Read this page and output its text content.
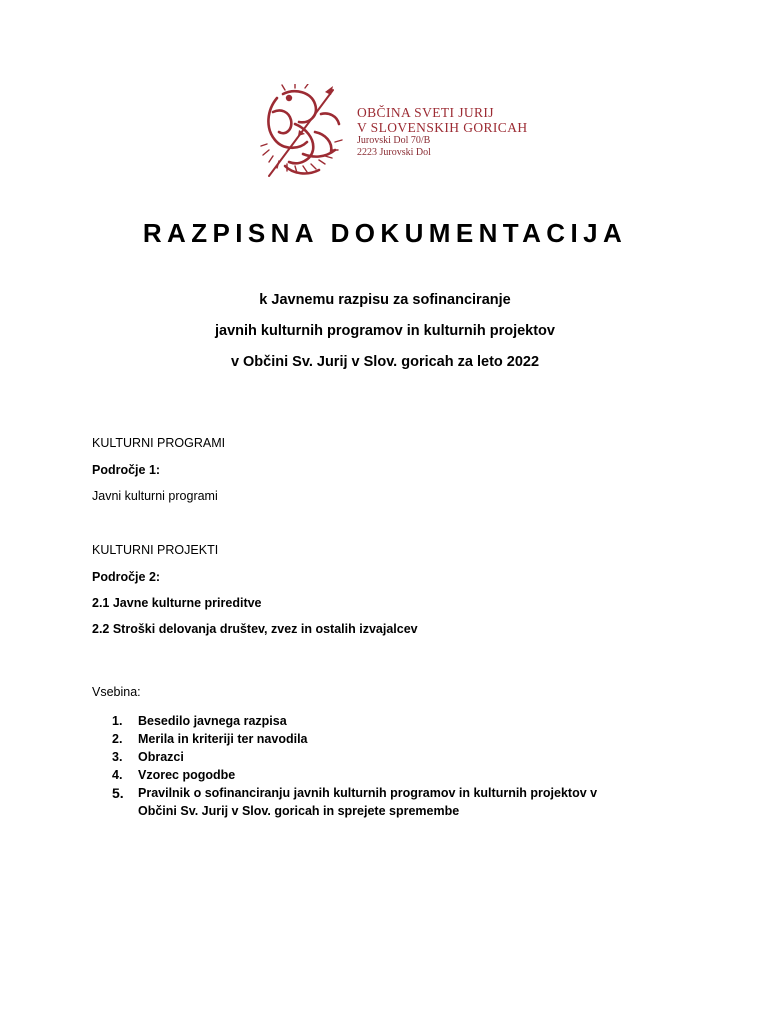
OBČINA SVETI JURIJ
V SLOVENSKIH GORICAH
Jurovski Dol 70/B
2223 Jurovski Dol
RAZPISNA DOKUMENTACIJA
k Javnemu razpisu za sofinanciranje
javnih kulturnih programov in kulturnih projektov
v Občini Sv. Jurij v Slov. goricah za leto 2022
KULTURNI PROGRAMI
Področje 1:
Javni kulturni programi
KULTURNI PROJEKTI
Področje 2:
2.1 Javne kulturne prireditve
2.2 Stroški delovanja društev, zvez in ostalih izvajalcev
Vsebina:
1. Besedilo javnega razpisa
2. Merila in kriteriji ter navodila
3. Obrazci
4. Vzorec pogodbe
5. Pravilnik o sofinanciranju javnih kulturnih programov in kulturnih projektov v
Občini Sv. Jurij v Slov. goricah in sprejete spremembe
